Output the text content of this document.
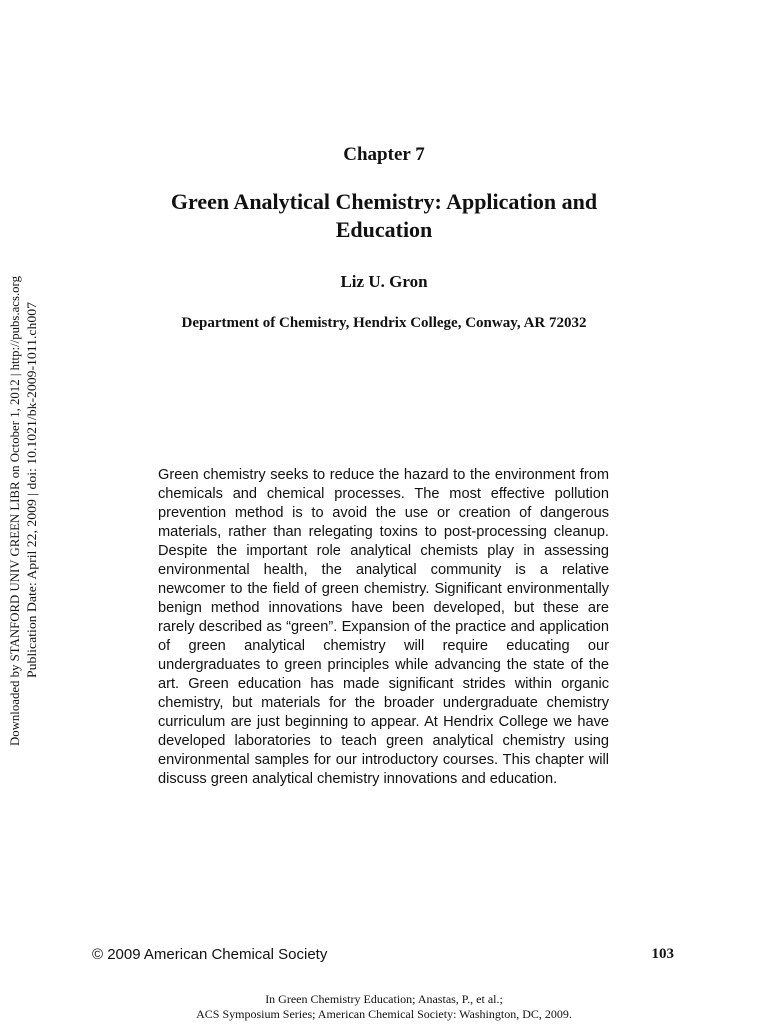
Downloaded by STANFORD UNIV GREEN LIBR on October 1, 2012 | http://pubs.acs.org Publication Date: April 22, 2009 | doi: 10.1021/bk-2009-1011.ch007
Chapter 7
Green Analytical Chemistry: Application and Education
Liz U. Gron
Department of Chemistry, Hendrix College, Conway, AR 72032

Green chemistry seeks to reduce the hazard to the environment from chemicals and chemical processes. The most effective pollution prevention method is to avoid the use or creation of dangerous materials, rather than relegating toxins to post-processing cleanup. Despite the important role analytical chemists play in assessing environmental health, the analytical community is a relative newcomer to the field of green chemistry. Significant environmentally benign method innovations have been developed, but these are rarely described as “green”. Expansion of the practice and application of green analytical chemistry will require educating our undergraduates to green principles while advancing the state of the art. Green education has made significant strides within organic chemistry, but materials for the broader undergraduate chemistry curriculum are just beginning to appear. At Hendrix College we have developed laboratories to teach green analytical chemistry using environmental samples for our introductory courses. This chapter will discuss green analytical chemistry innovations and education.

© 2009 American Chemical Society	103
In Green Chemistry Education; Anastas, P., et al.;
ACS Symposium Series; American Chemical Society: Washington, DC, 2009.
